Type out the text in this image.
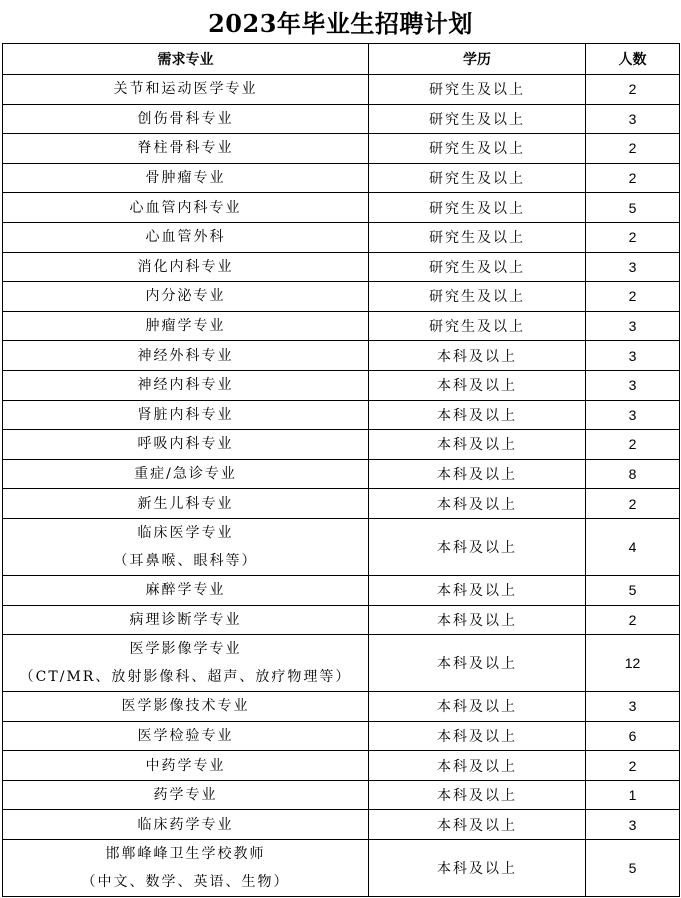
2023年毕业生招聘计划
需求专业	学历	人数

关节和运动医学专业	研究生及以上	2

创伤骨科专业	研究生及以上	3

脊柱骨科专业	研究生及以上	2

骨肿瘤专业	研究生及以上	2

心血管内科专业	研究生及以上	5

心血管外科	研究生及以上	2

消化内科专业	研究生及以上	3

内分泌专业	研究生及以上	2

肿瘤学专业	研究生及以上	3

神经外科专业	本科及以上	3

神经内科专业	本科及以上	3

肾脏内科专业	本科及以上	3

呼吸内科专业	本科及以上	2

重症/急诊专业	本科及以上	8

新生儿科专业	本科及以上	2

临床医学专业
（耳鼻喉、眼科等）	本科及以上	4

麻醉学专业	本科及以上	5

病理诊断学专业	本科及以上	2

医学影像学专业
（CT/MR、放射影像科、超声、放疗物理等）	本科及以上	12

医学影像技术专业	本科及以上	3

医学检验专业	本科及以上	6

中药学专业	本科及以上	2

药学专业	本科及以上	1

临床药学专业	本科及以上	3

邯郸峰峰卫生学校教师
（中文、数学、英语、生物）	本科及以上	5
